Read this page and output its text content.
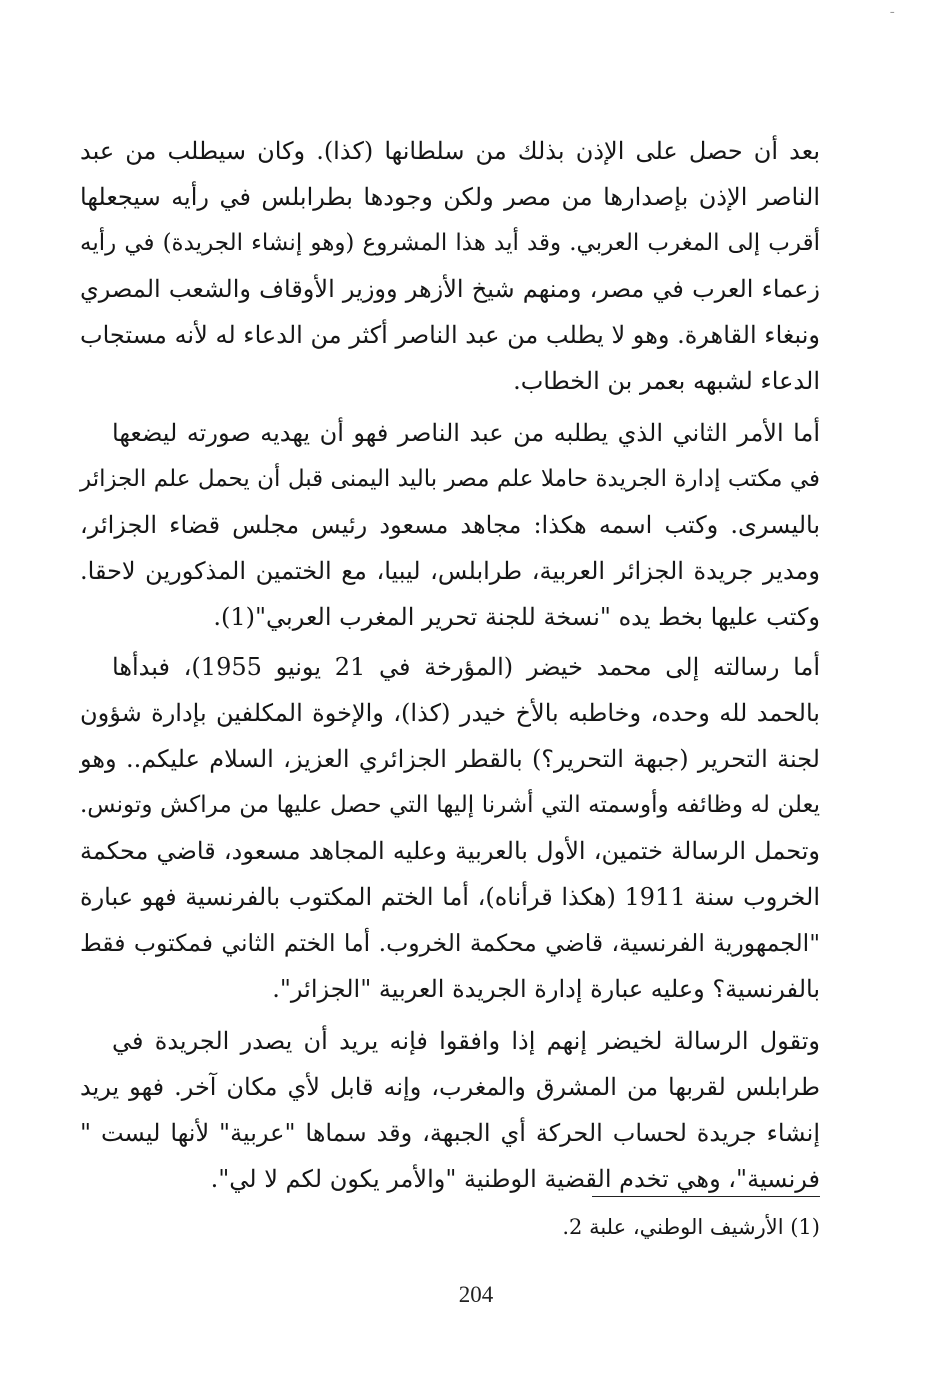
ـ
بعد أن حصل على الإذن بذلك من سلطانها (كذا). وكان سيطلب من عبد
الناصر الإذن بإصدارها من مصر ولكن وجودها بطرابلس في رأيه سيجعلها
أقرب إلى المغرب العربي. وقد أيد هذا المشروع (وهو إنشاء الجريدة) في رأيه
زعماء العرب في مصر، ومنهم شيخ الأزهر ووزير الأوقاف والشعب المصري
ونبغاء القاهرة. وهو لا يطلب من عبد الناصر أكثر من الدعاء له لأنه مستجاب
الدعاء لشبهه بعمر بن الخطاب.
أما الأمر الثاني الذي يطلبه من عبد الناصر فهو أن يهديه صورته ليضعها
في مكتب إدارة الجريدة حاملا علم مصر باليد اليمنى قبل أن يحمل علم الجزائر
باليسرى. وكتب اسمه هكذا: مجاهد مسعود رئيس مجلس قضاء الجزائر،
ومدير جريدة الجزائر العربية، طرابلس، ليبيا، مع الختمين المذكورين لاحقا.
وكتب عليها بخط يده "نسخة للجنة تحرير المغرب العربي"(1).
أما رسالته إلى محمد خيضر (المؤرخة في 21 يونيو 1955)، فبدأها
بالحمد لله وحده، وخاطبه بالأخ خيدر (كذا)، والإخوة المكلفين بإدارة شؤون
لجنة التحرير (جبهة التحرير؟) بالقطر الجزائري العزيز، السلام عليكم.. وهو
يعلن له وظائفه وأوسمته التي أشرنا إليها التي حصل عليها من مراكش وتونس.
وتحمل الرسالة ختمين، الأول بالعربية وعليه المجاهد مسعود، قاضي محكمة
الخروب سنة 1911 (هكذا قرأناه)، أما الختم المكتوب بالفرنسية فهو عبارة
"الجمهورية الفرنسية، قاضي محكمة الخروب. أما الختم الثاني فمكتوب فقط
بالفرنسية؟ وعليه عبارة إدارة الجريدة العربية "الجزائر".
وتقول الرسالة لخيضر إنهم إذا وافقوا فإنه يريد أن يصدر الجريدة في
طرابلس لقربها من المشرق والمغرب، وإنه قابل لأي مكان آخر. فهو يريد
إنشاء جريدة لحساب الحركة أي الجبهة، وقد سماها "عربية" لأنها ليست "
فرنسية"، وهي تخدم القضية الوطنية "والأمر يكون لكم لا لي".
(1) الأرشيف الوطني، علبة 2.
204
